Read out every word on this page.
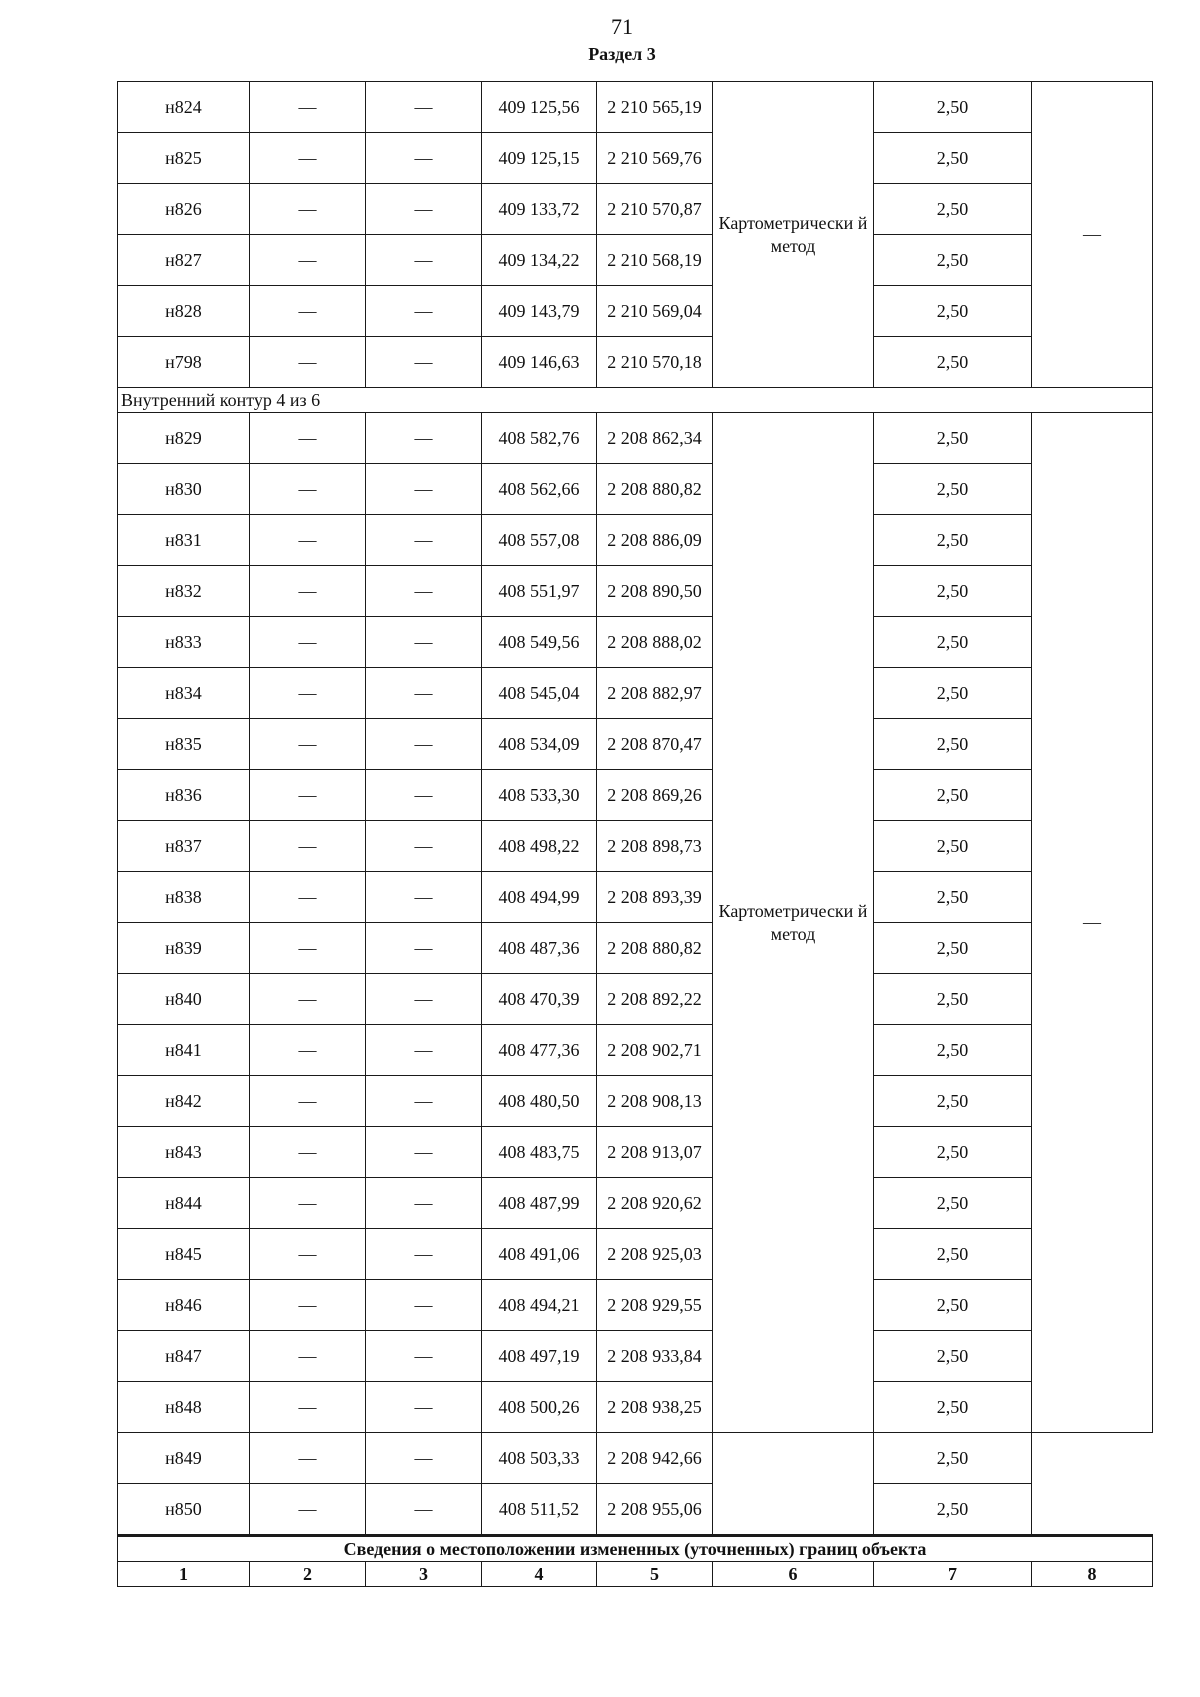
71
Раздел 3
н824	—	—	409 125,56	2 210 565,19	Картометрически й метод	2,50	—
н825	—	—	409 125,15	2 210 569,76		2,50	
н826	—	—	409 133,72	2 210 570,87		2,50	
н827	—	—	409 134,22	2 210 568,19		2,50	
н828	—	—	409 143,79	2 210 569,04		2,50	
н798	—	—	409 146,63	2 210 570,18		2,50	
Внутренний контур 4 из 6							
н829	—	—	408 582,76	2 208 862,34	Картометрически й метод	2,50	—
н830	—	—	408 562,66	2 208 880,82		2,50	
н831	—	—	408 557,08	2 208 886,09		2,50	
н832	—	—	408 551,97	2 208 890,50		2,50	
н833	—	—	408 549,56	2 208 888,02		2,50	
н834	—	—	408 545,04	2 208 882,97		2,50	
н835	—	—	408 534,09	2 208 870,47		2,50	
н836	—	—	408 533,30	2 208 869,26		2,50	
н837	—	—	408 498,22	2 208 898,73		2,50	
н838	—	—	408 494,99	2 208 893,39		2,50	
н839	—	—	408 487,36	2 208 880,82		2,50	
н840	—	—	408 470,39	2 208 892,22		2,50	
н841	—	—	408 477,36	2 208 902,71		2,50	
н842	—	—	408 480,50	2 208 908,13		2,50	
н843	—	—	408 483,75	2 208 913,07		2,50	
н844	—	—	408 487,99	2 208 920,62		2,50	
н845	—	—	408 491,06	2 208 925,03		2,50	
н846	—	—	408 494,21	2 208 929,55		2,50	
н847	—	—	408 497,19	2 208 933,84		2,50	
н848	—	—	408 500,26	2 208 938,25		2,50	
н849	—	—	408 503,33	2 208 942,66		2,50	
н850	—	—	408 511,52	2 208 955,06		2,50	
Сведения о местоположении измененных (уточненных) границ объекта							
1	2	3	4	5	6	7	8
